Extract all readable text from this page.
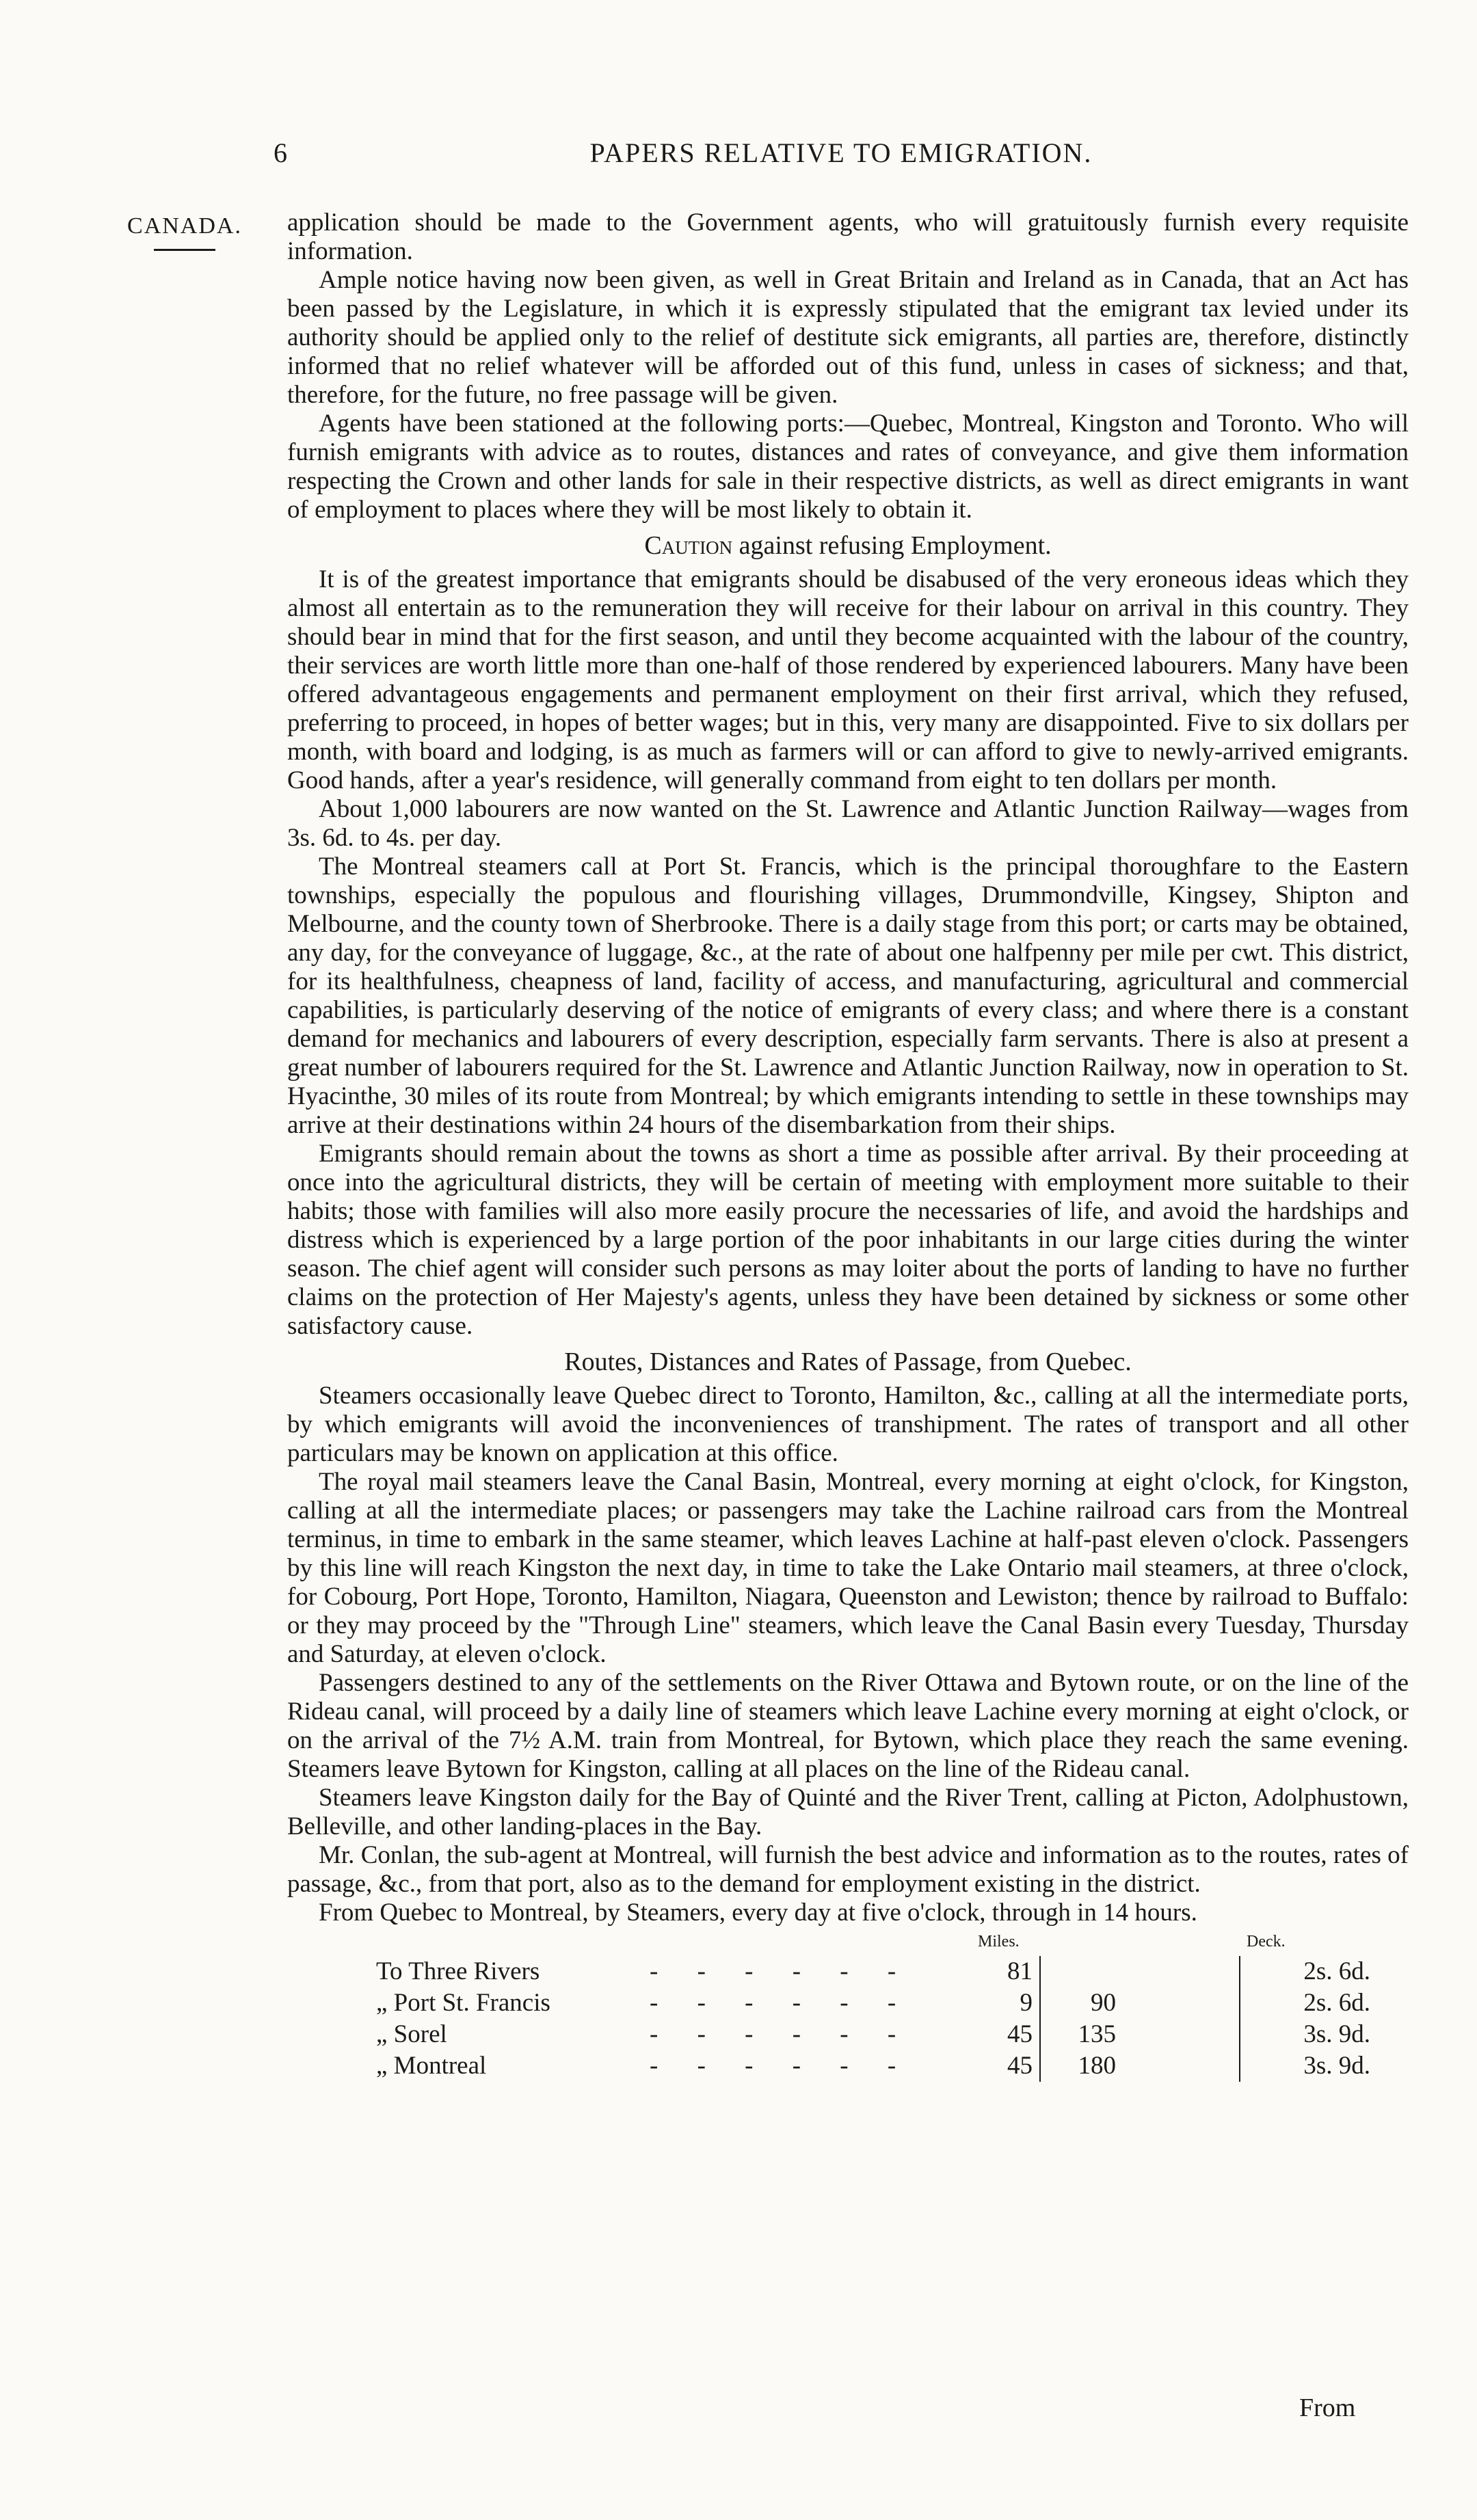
6	PAPERS RELATIVE TO EMIGRATION.
CANADA.	application should be made to the Government agents, who will gratuitously furnish every requisite information.

Ample notice having now been given, as well in Great Britain and Ireland as in Canada, that an Act has been passed by the Legislature, in which it is expressly stipulated that the emigrant tax levied under its authority should be applied only to the relief of destitute sick emigrants, all parties are, therefore, distinctly informed that no relief whatever will be afforded out of this fund, unless in cases of sickness; and that, therefore, for the future, no free passage will be given.

Agents have been stationed at the following ports:—Quebec, Montreal, Kingston and Toronto. Who will furnish emigrants with advice as to routes, distances and rates of conveyance, and give them information respecting the Crown and other lands for sale in their respective districts, as well as direct emigrants in want of employment to places where they will be most likely to obtain it.

Caution against refusing Employment.

It is of the greatest importance that emigrants should be disabused of the very eroneous ideas which they almost all entertain as to the remuneration they will receive for their labour on arrival in this country. They should bear in mind that for the first season, and until they become acquainted with the labour of the country, their services are worth little more than one-half of those rendered by experienced labourers. Many have been offered advantageous engagements and permanent employment on their first arrival, which they refused, preferring to proceed, in hopes of better wages; but in this, very many are disappointed. Five to six dollars per month, with board and lodging, is as much as farmers will or can afford to give to newly-arrived emigrants. Good hands, after a year's residence, will generally command from eight to ten dollars per month.

About 1,000 labourers are now wanted on the St. Lawrence and Atlantic Junction Railway—wages from 3s. 6d. to 4s. per day.

The Montreal steamers call at Port St. Francis, which is the principal thoroughfare to the Eastern townships, especially the populous and flourishing villages, Drummondville, Kingsey, Shipton and Melbourne, and the county town of Sherbrooke. There is a daily stage from this port; or carts may be obtained, any day, for the conveyance of luggage, &c., at the rate of about one halfpenny per mile per cwt. This district, for its healthfulness, cheapness of land, facility of access, and manufacturing, agricultural and commercial capabilities, is particularly deserving of the notice of emigrants of every class; and where there is a constant demand for mechanics and labourers of every description, especially farm servants. There is also at present a great number of labourers required for the St. Lawrence and Atlantic Junction Railway, now in operation to St. Hyacinthe, 30 miles of its route from Montreal; by which emigrants intending to settle in these townships may arrive at their destinations within 24 hours of the disembarkation from their ships.

Emigrants should remain about the towns as short a time as possible after arrival. By their proceeding at once into the agricultural districts, they will be certain of meeting with employment more suitable to their habits; those with families will also more easily procure the necessaries of life, and avoid the hardships and distress which is experienced by a large portion of the poor inhabitants in our large cities during the winter season. The chief agent will consider such persons as may loiter about the ports of landing to have no further claims on the protection of Her Majesty's agents, unless they have been detained by sickness or some other satisfactory cause.

Routes, Distances and Rates of Passage, from Quebec.

Steamers occasionally leave Quebec direct to Toronto, Hamilton, &c., calling at all the intermediate ports, by which emigrants will avoid the inconveniences of transhipment. The rates of transport and all other particulars may be known on application at this office.

The royal mail steamers leave the Canal Basin, Montreal, every morning at eight o'clock, for Kingston, calling at all the intermediate places; or passengers may take the Lachine railroad cars from the Montreal terminus, in time to embark in the same steamer, which leaves Lachine at half-past eleven o'clock. Passengers by this line will reach Kingston the next day, in time to take the Lake Ontario mail steamers, at three o'clock, for Cobourg, Port Hope, Toronto, Hamilton, Niagara, Queenston and Lewiston; thence by railroad to Buffalo: or they may proceed by the "Through Line" steamers, which leave the Canal Basin every Tuesday, Thursday and Saturday, at eleven o'clock.

Passengers destined to any of the settlements on the River Ottawa and Bytown route, or on the line of the Rideau canal, will proceed by a daily line of steamers which leave Lachine every morning at eight o'clock, or on the arrival of the 7½ A.M. train from Montreal, for Bytown, which place they reach the same evening. Steamers leave Bytown for Kingston, calling at all places on the line of the Rideau canal.

Steamers leave Kingston daily for the Bay of Quinté and the River Trent, calling at Picton, Adolphustown, Belleville, and other landing-places in the Bay.

Mr. Conlan, the sub-agent at Montreal, will furnish the best advice and information as to the routes, rates of passage, &c., from that port, also as to the demand for employment existing in the district.

From Quebec to Montreal, by Steamers, every day at five o'clock, through in 14 hours.

		Miles.			Deck.
To Three Rivers	- - - - - -	81			2s. 6d.
„ Port St. Francis	- - - - - -	9	90		2s. 6d.
„ Sorel	- - - - - -	45	135		3s. 9d.
„ Montreal	- - - - - -	45	180		3s. 9d.
From
